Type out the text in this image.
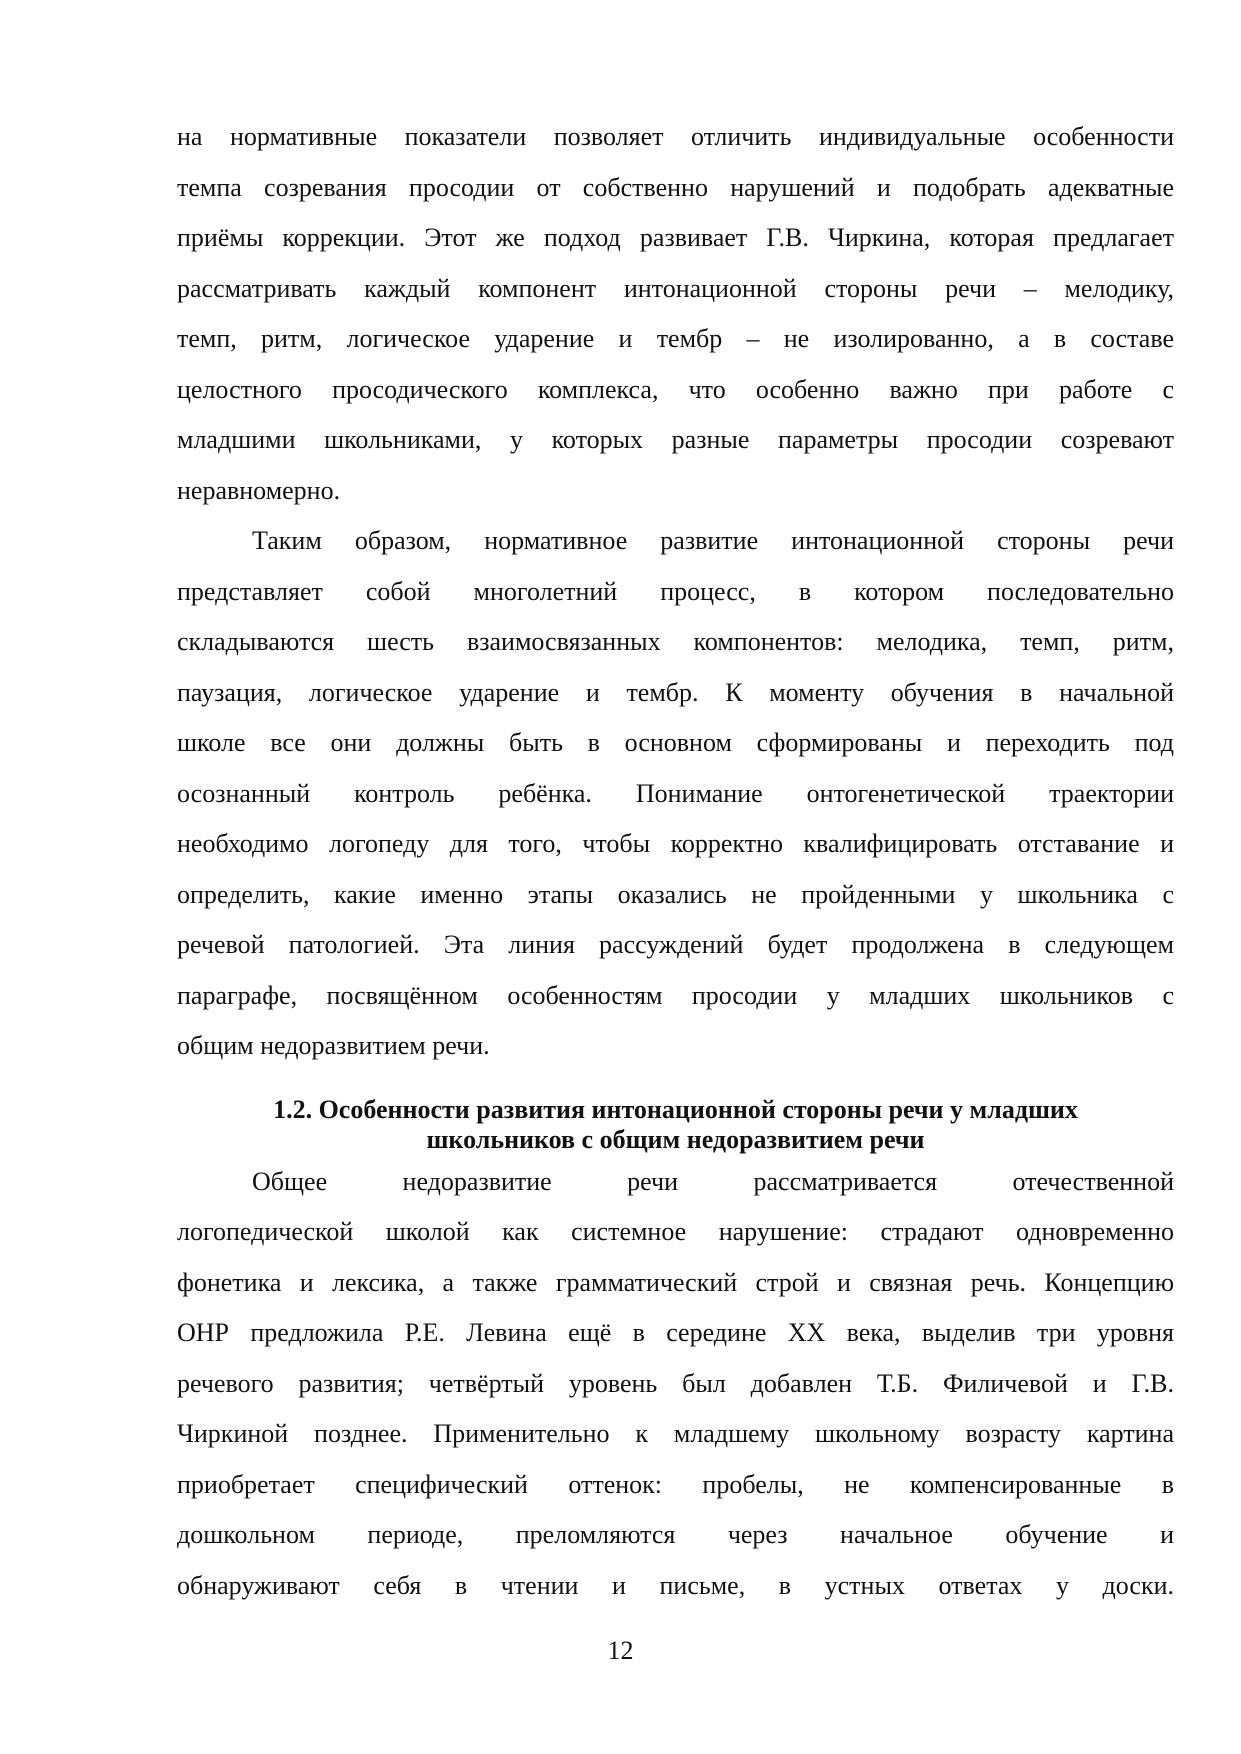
на нормативные показатели позволяет отличить индивидуальные особенности
темпа созревания просодии от собственно нарушений и подобрать адекватные
приёмы коррекции. Этот же подход развивает Г.В. Чиркина, которая предлагает
рассматривать каждый компонент интонационной стороны речи – мелодику,
темп, ритм, логическое ударение и тембр – не изолированно, а в составе
целостного просодического комплекса, что особенно важно при работе с
младшими школьниками, у которых разные параметры просодии созревают
неравномерно.
Таким образом, нормативное развитие интонационной стороны речи
представляет собой многолетний процесс, в котором последовательно
складываются шесть взаимосвязанных компонентов: мелодика, темп, ритм,
паузация, логическое ударение и тембр. К моменту обучения в начальной
школе все они должны быть в основном сформированы и переходить под
осознанный контроль ребёнка. Понимание онтогенетической траектории
необходимо логопеду для того, чтобы корректно квалифицировать отставание и
определить, какие именно этапы оказались не пройденными у школьника с
речевой патологией. Эта линия рассуждений будет продолжена в следующем
параграфе, посвящённом особенностям просодии у младших школьников с
общим недоразвитием речи.
1.2. Особенности развития интонационной стороны речи у младших
школьников с общим недоразвитием речи
Общее недоразвитие речи рассматривается отечественной
логопедической школой как системное нарушение: страдают одновременно
фонетика и лексика, а также грамматический строй и связная речь. Концепцию
ОНР предложила Р.Е. Левина ещё в середине XX века, выделив три уровня
речевого развития; четвёртый уровень был добавлен Т.Б. Филичевой и Г.В.
Чиркиной позднее. Применительно к младшему школьному возрасту картина
приобретает специфический оттенок: пробелы, не компенсированные в
дошкольном периоде, преломляются через начальное обучение и
обнаруживают себя в чтении и письме, в устных ответах у доски.
12
